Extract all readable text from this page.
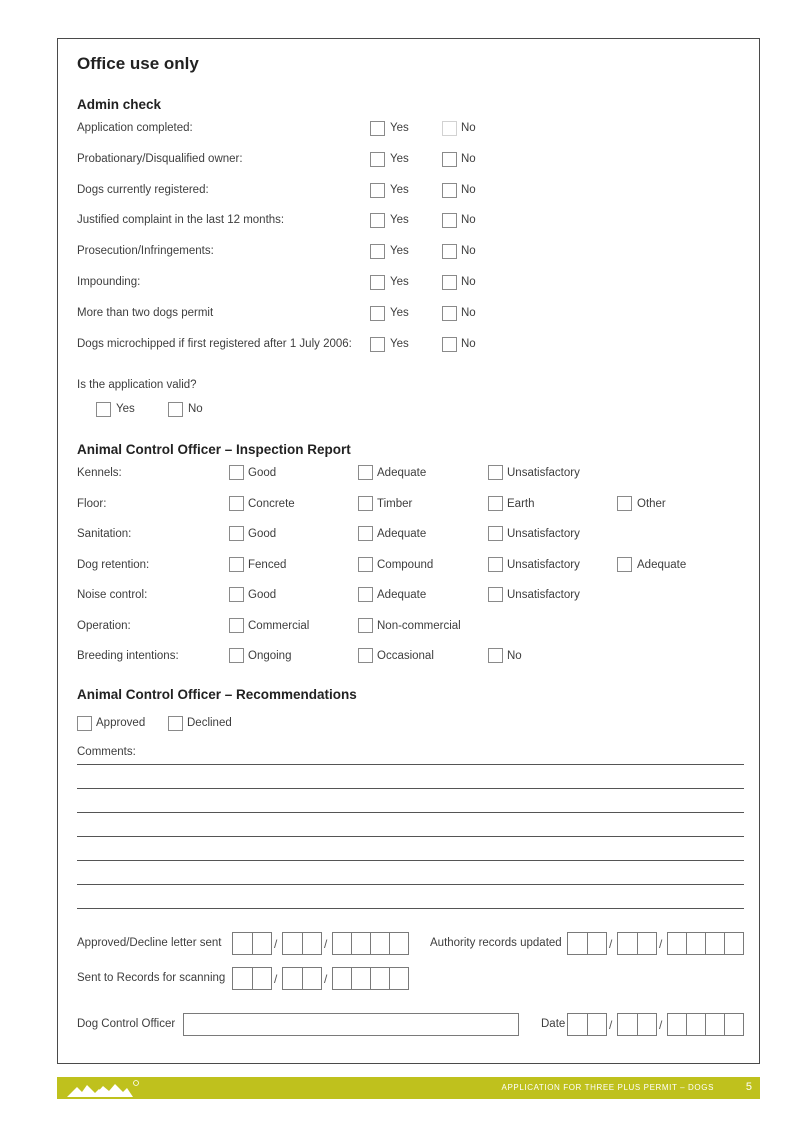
Office use only
Admin check
Application completed:	Yes	No
Probationary/Disqualified owner:	Yes	No
Dogs currently registered:	Yes	No
Justified complaint in the last 12 months:	Yes	No
Prosecution/Infringements:	Yes	No
Impounding:	Yes	No
More than two dogs permit	Yes	No
Dogs microchipped if first registered after 1 July 2006:	Yes	No
Is the application valid?
Yes	No
Animal Control Officer – Inspection Report
Kennels:	Good	Adequate	Unsatisfactory
Floor:	Concrete	Timber	Earth	Other
Sanitation:	Good	Adequate	Unsatisfactory
Dog retention:	Fenced	Compound	Unsatisfactory	Adequate
Noise control:	Good	Adequate	Unsatisfactory
Operation:	Commercial	Non-commercial
Breeding intentions:	Ongoing	Occasional	No
Animal Control Officer – Recommendations
Approved	Declined
Comments:
Approved/Decline letter sent	/	/	Authority records updated	/	/
Sent to Records for scanning	/	/
Dog Control Officer	Date	/	/
APPLICATION FOR THREE PLUS PERMIT – DOGS	5
